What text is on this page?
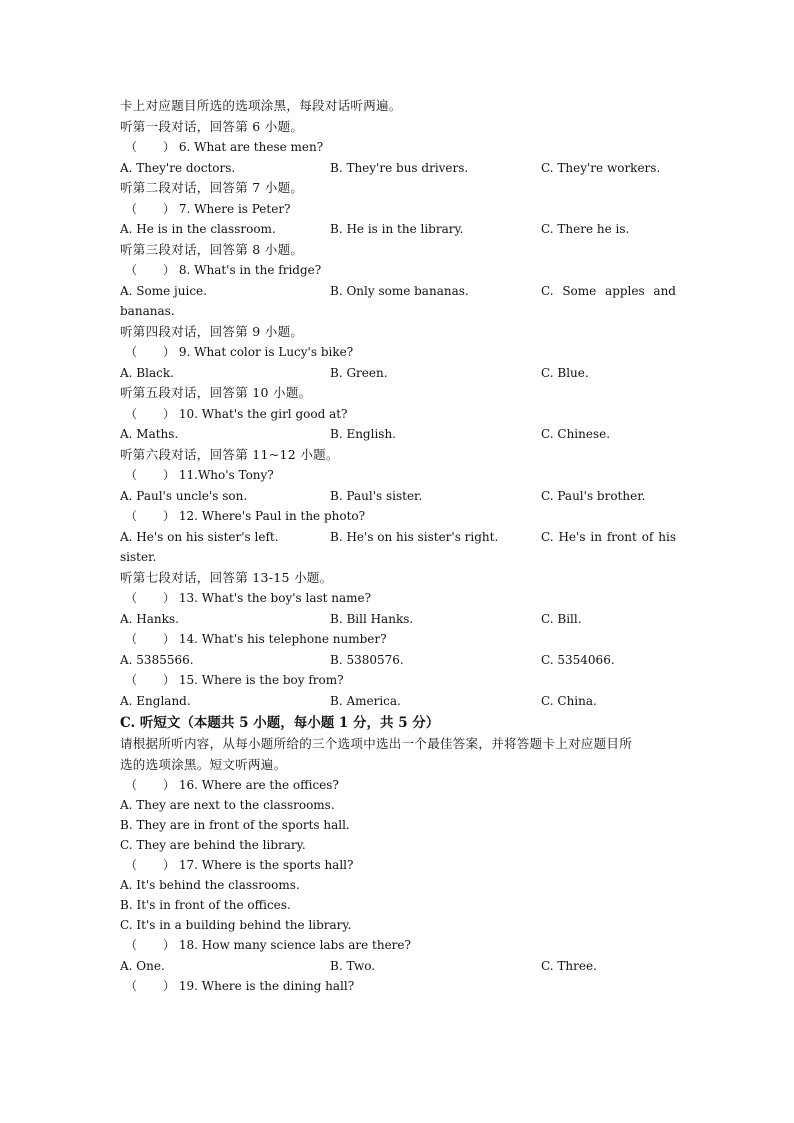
卡上对应题目所选的选项涂黑，每段对话听两遍。
听第一段对话，回答第 6 小题。
（ ） 6. What are these men?
A. They're doctors.	B. They're bus drivers.	C. They're workers.
听第二段对话，回答第 7 小题。
（ ） 7. Where is Peter?
A. He is in the classroom.	B. He is in the library.	C. There he is.
听第三段对话，回答第 8 小题。
（ ） 8. What's in the fridge?
A. Some juice.	B. Only some bananas.	C. Some apples and
bananas.
听第四段对话，回答第 9 小题。
（ ） 9. What color is Lucy's bike?
A. Black.	B. Green.	C. Blue.
听第五段对话，回答第 10 小题。
（ ） 10. What's the girl good at?
A. Maths.	B. English.	C. Chinese.
听第六段对话，回答第 11~12 小题。
（ ） 11.Who's Tony?
A. Paul's uncle's son.	B. Paul's sister.	C. Paul's brother.
（ ） 12. Where's Paul in the photo?
A. He's on his sister's left.	B. He's on his sister's right.	C. He's in front of his
sister.
听第七段对话，回答第 13-15 小题。
（ ） 13. What's the boy's last name?
A. Hanks.	B. Bill Hanks.	C. Bill.
（ ） 14. What's his telephone number?
A. 5385566.	B. 5380576.	C. 5354066.
（ ） 15. Where is the boy from?
A. England.	B. America.	C. China.
C. 听短文（本题共 5 小题，每小题 1 分，共 5 分）
请根据所听内容，从每小题所给的三个选项中选出一个最佳答案，并将答题卡上对应题目所
选的选项涂黑。短文听两遍。
（ ） 16. Where are the offices?
A. They are next to the classrooms.
B. They are in front of the sports hall.
C. They are behind the library.
（ ） 17. Where is the sports hall?
A. It's behind the classrooms.
B. It's in front of the offices.
C. It's in a building behind the library.
（ ） 18. How many science labs are there?
A. One.	B. Two.	C. Three.
（ ） 19. Where is the dining hall?
